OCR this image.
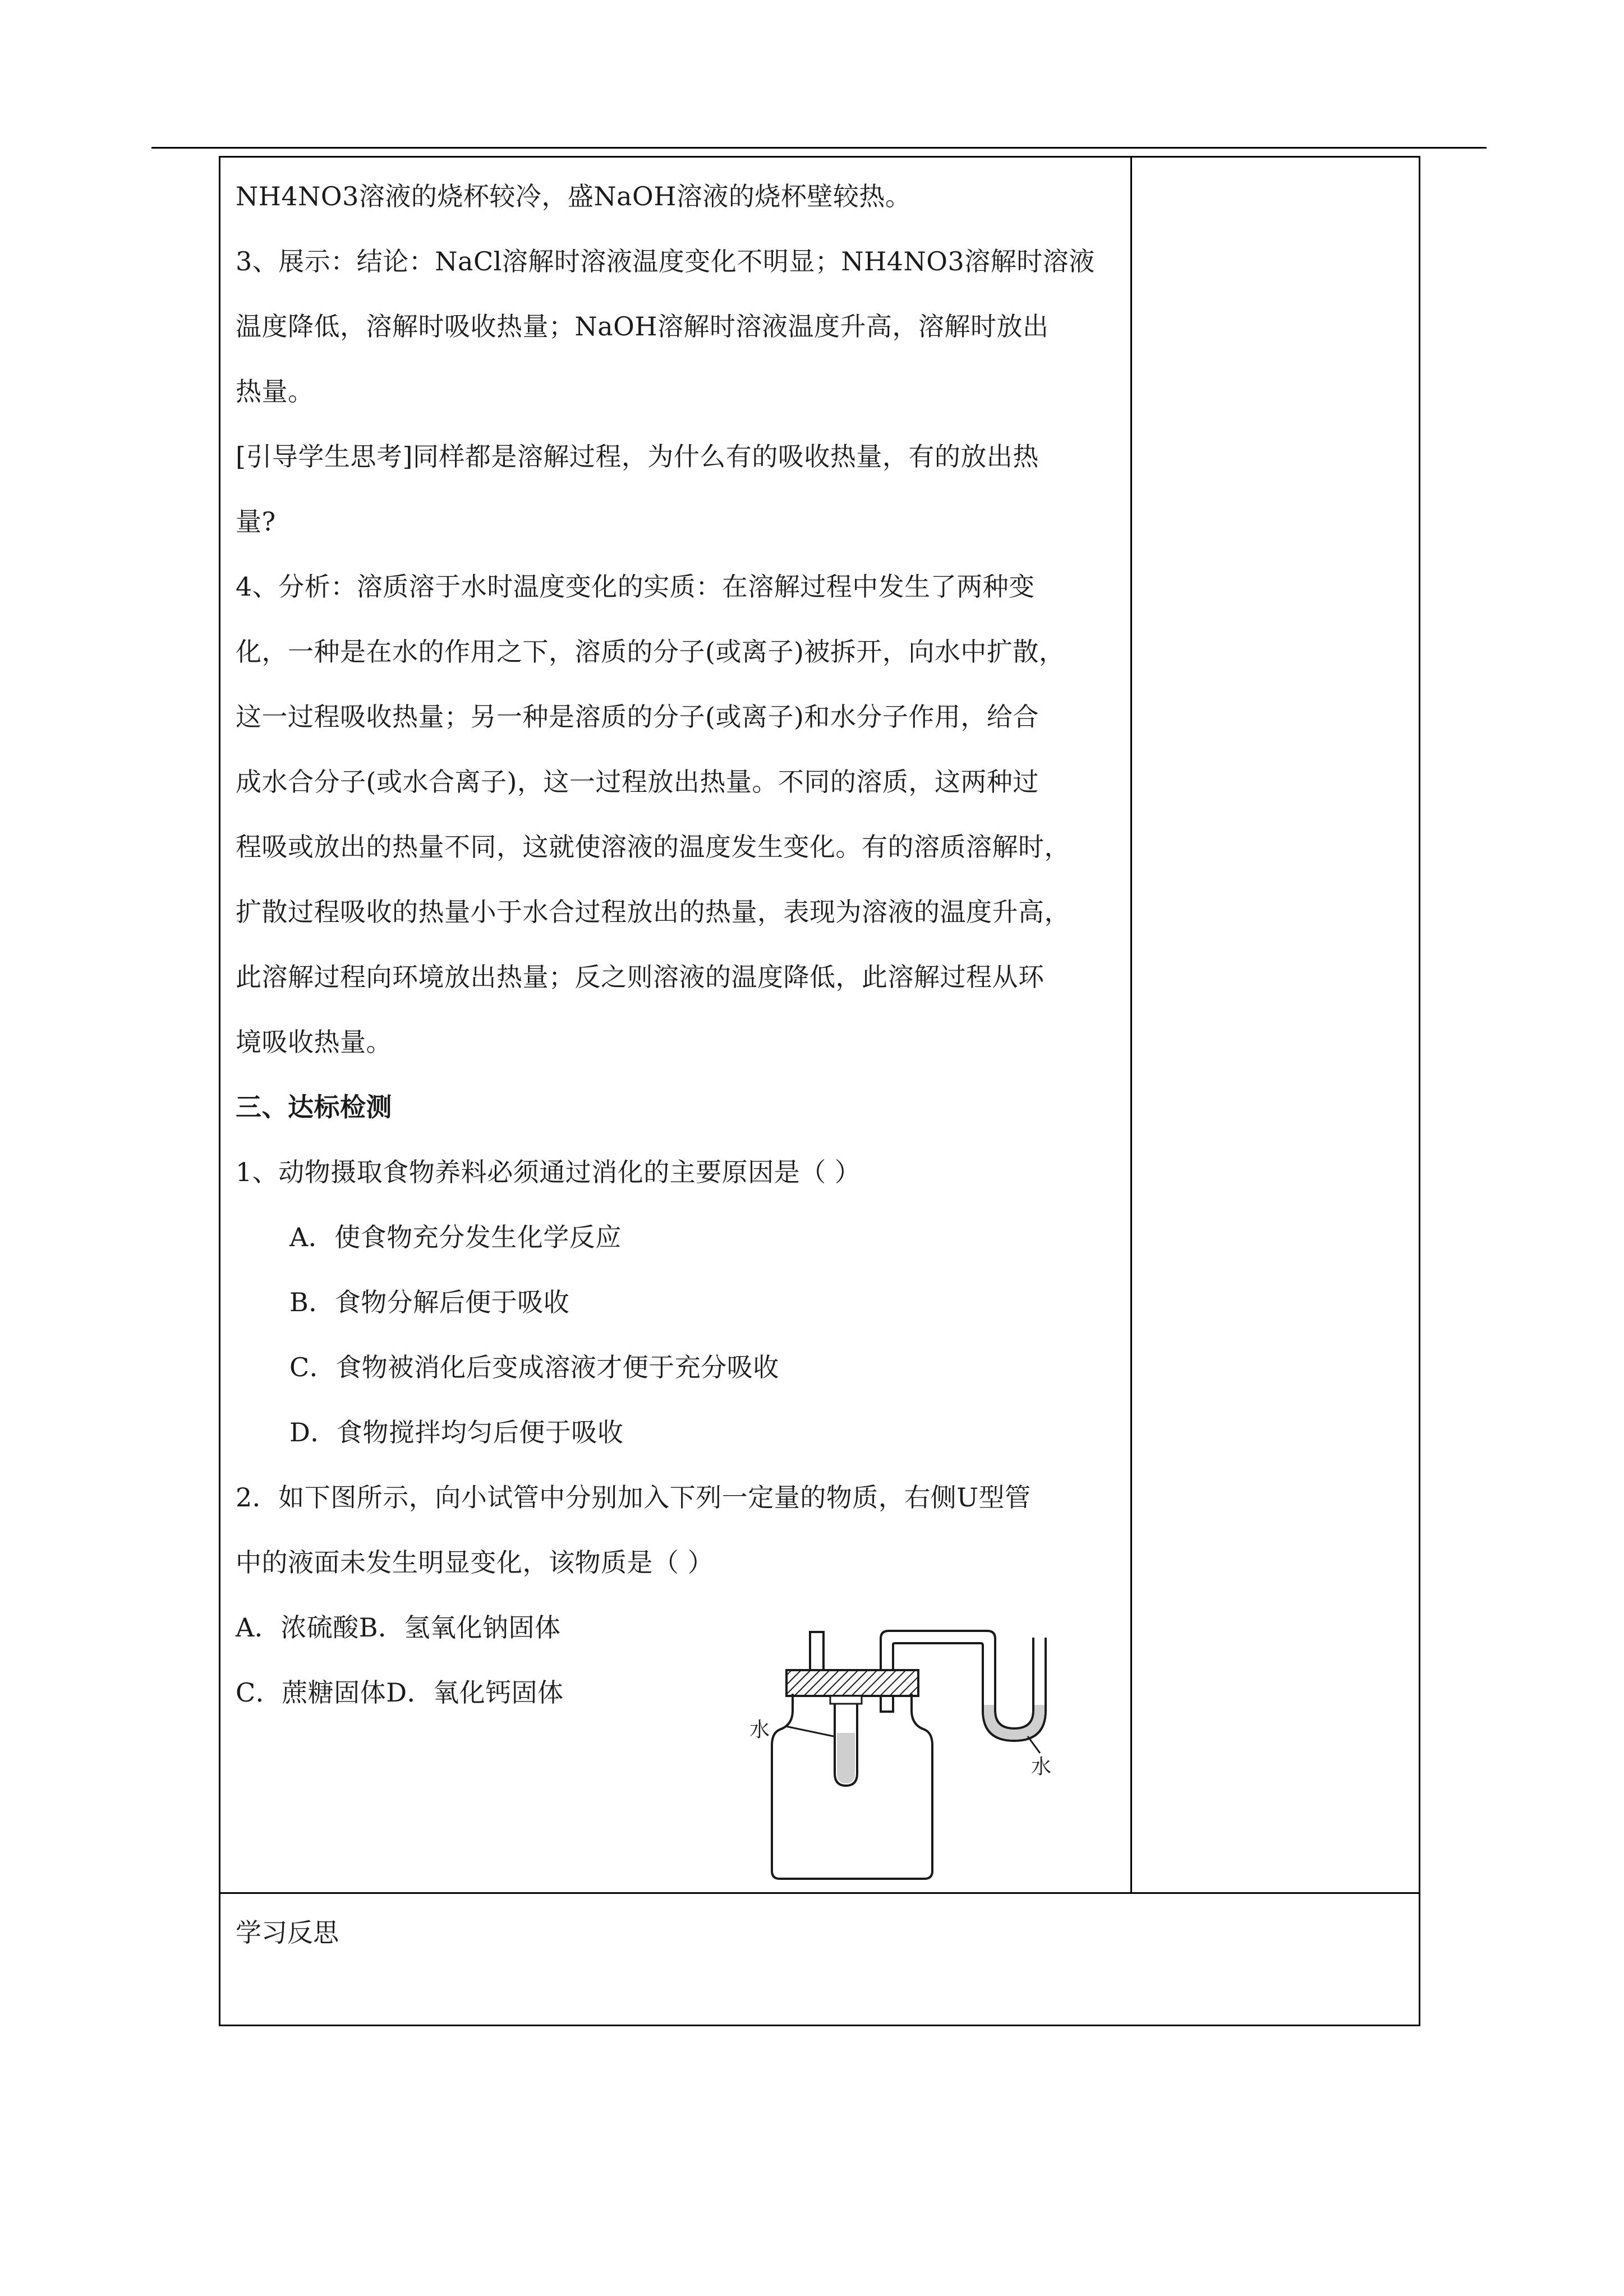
NH4NO3溶液的烧杯较冷，盛NaOH溶液的烧杯壁较热。

3、展示：结论：NaCl溶解时溶液温度变化不明显；NH4NO3溶解时溶液

温度降低，溶解时吸收热量；NaOH溶解时溶液温度升高，溶解时放出

热量。

[引导学生思考]同样都是溶解过程，为什么有的吸收热量，有的放出热

量?

4、分析：溶质溶于水时温度变化的实质：在溶解过程中发生了两种变

化，一种是在水的作用之下，溶质的分子(或离子)被拆开，向水中扩散，

这一过程吸收热量；另一种是溶质的分子(或离子)和水分子作用，给合

成水合分子(或水合离子)，这一过程放出热量。不同的溶质，这两种过

程吸或放出的热量不同，这就使溶液的温度发生变化。有的溶质溶解时，

扩散过程吸收的热量小于水合过程放出的热量，表现为溶液的温度升高，

此溶解过程向环境放出热量；反之则溶液的温度降低，此溶解过程从环

境吸收热量。

三、达标检测

1、动物摄取食物养料必须通过消化的主要原因是（ ）

A．使食物充分发生化学反应

B．食物分解后便于吸收

C．食物被消化后变成溶液才便于充分吸收

D．食物搅拌均匀后便于吸收

2．如下图所示，向小试管中分别加入下列一定量的物质，右侧U型管

中的液面未发生明显变化，该物质是（ ）

A．浓硫酸B．氢氧化钠固体

C．蔗糖固体D．氧化钙固体

学习反思
水
水
